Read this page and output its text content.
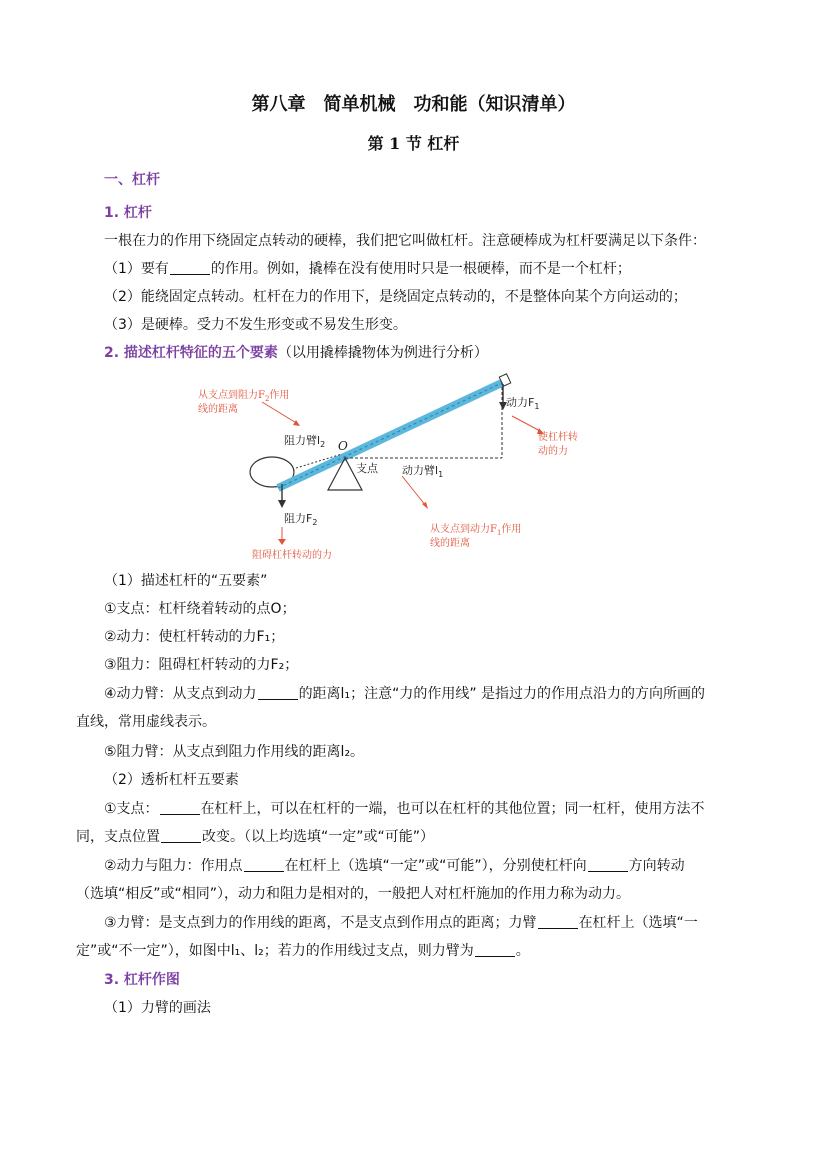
第八章　简单机械　功和能（知识清单）
第 1 节 杠杆
一、杠杆
1. 杠杆
一根在力的作用下绕固定点转动的硬棒，我们把它叫做杠杆。注意硬棒成为杠杆要满足以下条件：
（1）要有	的作用。例如，撬棒在没有使用时只是一根硬棒，而不是一个杠杆；
（2）能绕固定点转动。杠杆在力的作用下，是绕固定点转动的，不是整体向某个方向运动的；
（3）是硬棒。受力不发生形变或不易发生形变。
2. 描述杠杆特征的五个要素（以用撬棒撬物体为例进行分析）
从支点到阻力$F_2$作用
线的距离
使杠杆转
动的力
从支点到动力$F_1$作用
线的距离
阻碍杠杆转动的力
阻力臂$l_2$ O
支点
动力$F_1$
动力臂$l_1$
阻力$F_2$
（1）描述杠杆的“五要素”
①支点：杠杆绕着转动的点O；
②动力：使杠杆转动的力F₁；
③阻力：阻碍杠杆转动的力F₂；
④动力臂：从支点到动力	的距离l₁；注意“力的作用线” 是指过力的作用点沿力的方向所画的
直线，常用虚线表示。
⑤阻力臂：从支点到阻力作用线的距离l₂。
（2）透析杠杆五要素
①支点：	在杠杆上，可以在杠杆的一端，也可以在杠杆的其他位置；同一杠杆，使用方法不
同，支点位置	改变。（以上均选填“一定”或“可能”）
②动力与阻力：作用点	在杠杆上（选填“一定”或“可能”），分别使杠杆向	方向转动
（选填“相反”或“相同”），动力和阻力是相对的，一般把人对杠杆施加的作用力称为动力。
③力臂：是支点到力的作用线的距离，不是支点到作用点的距离；力臂	在杠杆上（选填“一
定”或“不一定”），如图中l₁、l₂；若力的作用线过支点，则力臂为	。
3. 杠杆作图
（1）力臂的画法
